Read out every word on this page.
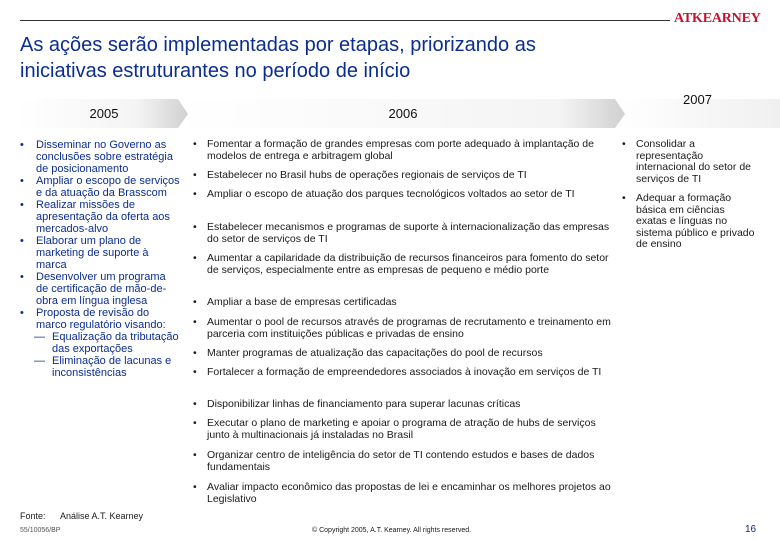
ATKEARNEY
As ações serão implementadas por etapas, priorizando as
iniciativas estruturantes no período de início
2005	2006
2007
• Disseminar no Governo as conclusões sobre estratégia de posicionamento
• Ampliar o escopo de serviços e da atuação da Brasscom
• Realizar missões de apresentação da oferta aos mercados-alvo
• Elaborar um plano de marketing de suporte à marca
• Desenvolver um programa de certificação de mão-de-obra em língua inglesa
• Proposta de revisão do marco regulatório visando:
— Equalização da tributação das exportações
— Eliminação de lacunas e inconsistências
• Fomentar a formação de grandes empresas com porte adequado à implantação de modelos de entrega e arbitragem global
• Estabelecer no Brasil hubs de operações regionais de serviços de TI
• Ampliar o escopo de atuação dos parques tecnológicos voltados ao setor de TI
• Estabelecer mecanismos e programas de suporte à internacionalização das empresas do setor de serviços de TI
• Aumentar a capilaridade da distribuição de recursos financeiros para fomento do setor de serviços, especialmente entre as empresas de pequeno e médio porte
• Ampliar a base de empresas certificadas
• Aumentar o pool de recursos através de programas de recrutamento e treinamento em parceria com instituições públicas e privadas de ensino
• Manter programas de atualização das capacitações do pool de recursos
• Fortalecer a formação de empreendedores associados à inovação em serviços de TI
• Disponibilizar linhas de financiamento para superar lacunas críticas
• Executar o plano de marketing e apoiar o programa de atração de hubs de serviços junto à multinacionais já instaladas no Brasil
• Organizar centro de inteligência do setor de TI contendo estudos e bases de dados fundamentais
• Avaliar impacto econômico das propostas de lei e encaminhar os melhores projetos ao Legislativo
• Consolidar a representação internacional do setor de serviços de TI
• Adequar a formação básica em ciências exatas e línguas no sistema público e privado de ensino
Fonte: Análise A.T. Kearney
55/10056/BP	© Copyright 2005, A.T. Kearney. All rights reserved.	16
